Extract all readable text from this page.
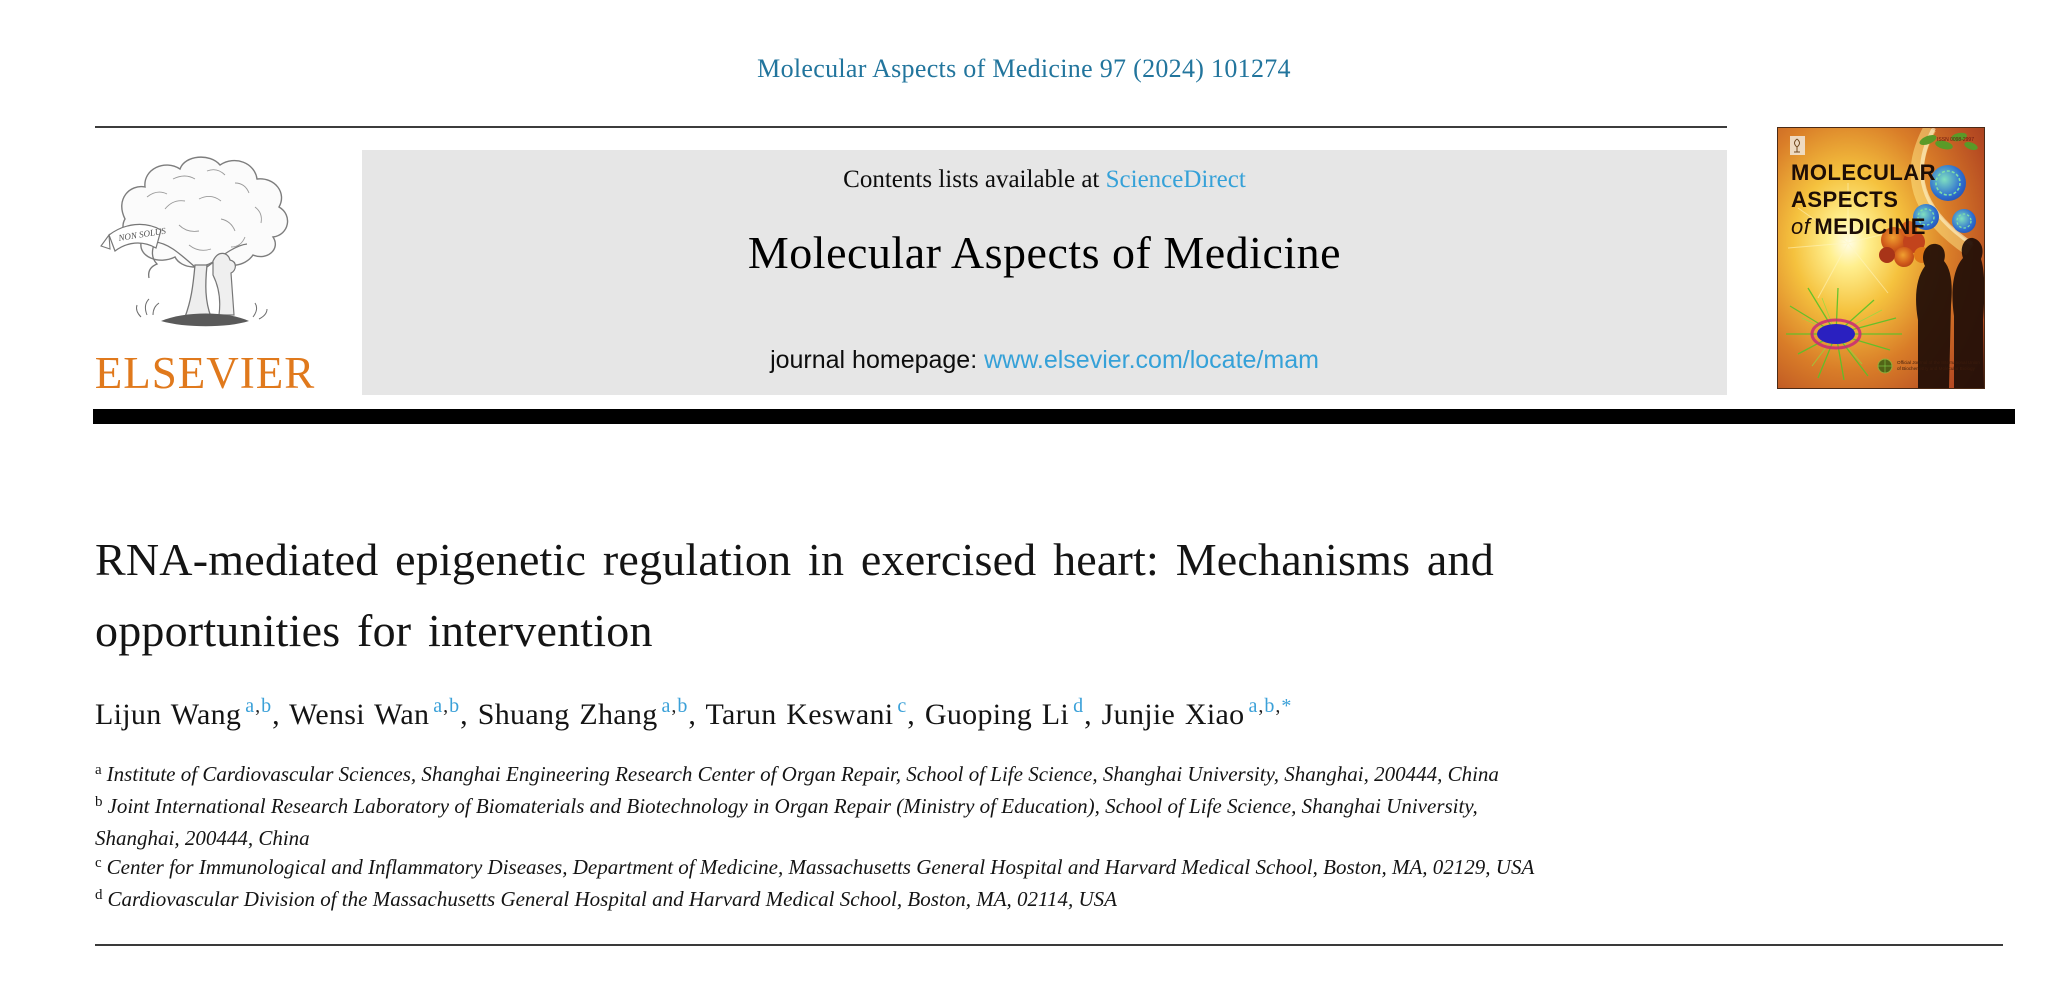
Molecular Aspects of Medicine 97 (2024) 101274
NON SOLUS
ELSEVIER
Contents lists available at ScienceDirect
Molecular Aspects of Medicine
journal homepage: www.elsevier.com/locate/mam
ISSN 0098-2997
MOLECULAR
ASPECTS
of MEDICINE
Official Journal of the International Union
of Biochemistry and Molecular Biology
RNA-mediated epigenetic regulation in exercised heart: Mechanisms and
opportunities for intervention
Lijun Wang $^{a,b}$, Wensi Wan $^{a,b}$, Shuang Zhang $^{a,b}$, Tarun Keswani $^c$, Guoping Li $^d$, Junjie Xiao $^{a,b,*}$
$^a$ Institute of Cardiovascular Sciences, Shanghai Engineering Research Center of Organ Repair, School of Life Science, Shanghai University, Shanghai, 200444, China
$^b$ Joint International Research Laboratory of Biomaterials and Biotechnology in Organ Repair (Ministry of Education), School of Life Science, Shanghai University,
Shanghai, 200444, China
$^c$ Center for Immunological and Inflammatory Diseases, Department of Medicine, Massachusetts General Hospital and Harvard Medical School, Boston, MA, 02129, USA
$^d$ Cardiovascular Division of the Massachusetts General Hospital and Harvard Medical School, Boston, MA, 02114, USA
